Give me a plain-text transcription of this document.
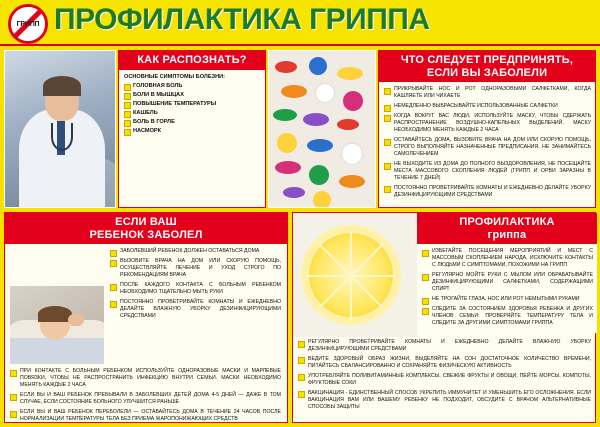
ГРИПП ПРОФИЛАКТИКА ГРИППА
КАК РАСПОЗНАТЬ?
ОСНОВНЫЕ СИМПТОМЫ БОЛЕЗНИ:
ГОЛОВНАЯ БОЛЬ
БОЛИ В МЫШЦАХ
ПОВЫШЕНИЕ ТЕМПЕРАТУРЫ
КАШЕЛЬ
БОЛЬ В ГОРЛЕ
НАСМОРК
ЧТО СЛЕДУЕТ ПРЕДПРИНЯТЬ,
ЕСЛИ ВЫ ЗАБОЛЕЛИ
ПРИКРЫВАЙТЕ НОС И РОТ ОДНОРАЗОВЫМИ САЛФЕТКАМИ, КОГДА КАШЛЯЕТЕ ИЛИ ЧИХАЕТЕ
НЕМЕДЛЕННО ВЫБРАСЫВАЙТЕ ИСПОЛЬЗОВАННЫЕ САЛФЕТКИ
КОГДА ВОКРУГ ВАС ЛЮДИ, ИСПОЛЬЗУЙТЕ МАСКУ, ЧТОБЫ СДЕРЖАТЬ РАСПРОСТРАНЕНИЕ ВОЗДУШНО-КАПЕЛЬНЫХ ВЫДЕЛЕНИЙ. МАСКУ НЕОБХОДИМО МЕНЯТЬ КАЖДЫЕ 2 ЧАСА
ОСТАВАЙТЕСЬ ДОМА, ВЫЗОВИТЕ ВРАЧА НА ДОМ ИЛИ СКОРУЮ ПОМОЩЬ, СТРОГО ВЫПОЛНЯЙТЕ НАЗНАЧЕННЫЕ ПРЕДПИСАНИЯ. НЕ ЗАНИМАЙТЕСЬ САМОЛЕЧЕНИЕМ
НЕ ВЫХОДИТЕ ИЗ ДОМА ДО ПОЛНОГО ВЫЗДОРОВЛЕНИЯ, НЕ ПОСЕЩАЙТЕ МЕСТА МАССОВОГО СКОПЛЕНИЯ ЛЮДЕЙ (ГРИПП И ОРВИ ЗАРАЗНЫ В ТЕЧЕНИЕ 7 ДНЕЙ)
ПОСТОЯННО ПРОВЕТРИВАЙТЕ КОМНАТЫ И ЕЖЕДНЕВНО ДЕЛАЙТЕ УБОРКУ ДЕЗИНФИЦИРУЮЩИМИ СРЕДСТВАМИ
ЕСЛИ ВАШ
РЕБЕНОК ЗАБОЛЕЛ
ЗАБОЛЕВШИЙ РЕБЕНОК ДОЛЖЕН ОСТАВАТЬСЯ ДОМА
ВЫЗОВИТЕ ВРАЧА НА ДОМ ИЛИ СКОРУЮ ПОМОЩЬ, ОСУЩЕСТВЛЯЙТЕ ЛЕЧЕНИЕ И УХОД СТРОГО ПО РЕКОМЕНДАЦИЯМ ВРАЧА
ПОСЛЕ КАЖДОГО КОНТАКТА С БОЛЬНЫМ РЕБЕНКОМ НЕОБХОДИМО ТЩАТЕЛЬНО МЫТЬ РУКИ
ПОСТОЯННО ПРОВЕТРИВАЙТЕ КОМНАТЫ И ЕЖЕДНЕВНО ДЕЛАЙТЕ ВЛАЖНУЮ УБОРКУ ДЕЗИНФИЦИРУЮЩИМИ СРЕДСТВАМИ
ПРИ КОНТАКТЕ С БОЛЬНЫМ РЕБЕНКОМ ИСПОЛЬЗУЙТЕ ОДНОРАЗОВЫЕ МАСКИ И МАРЛЕВЫЕ ПОВЯЗКИ, ЧТОБЫ НЕ РАСПРОСТРАНИТЬ ИНФЕКЦИЮ ВНУТРИ СЕМЬИ. МАСКИ НЕОБХОДИМО МЕНЯТЬ КАЖДЫЕ 2 ЧАСА
ЕСЛИ ВЫ И ВАШ РЕБЕНОК ПРЕБЫВАЛИ В ЗАБОЛЕВШИХ ДЕТЕЙ ДОМА 4-5 ДНЕЙ — ДАЖЕ В ТОМ СЛУЧАЕ, ЕСЛИ СОСТОЯНИЕ БОЛЬНОГО УЛУЧШИТСЯ РАНЬШЕ
ЕСЛИ ВЫ И ВАШ РЕБЕНОК ПЕРЕБОЛЕЛИ — ОСТАВАЙТЕСЬ ДОМА В ТЕЧЕНИЕ 24 ЧАСОВ ПОСЛЕ НОРМАЛИЗАЦИИ ТЕМПЕРАТУРЫ ТЕЛА БЕЗ ПРИЕМА ЖАРОПОНИЖАЮЩИХ СРЕДСТВ
ПРОФИЛАКТИКА
гриппа
ИЗБЕГАЙТЕ ПОСЕЩЕНИЯ МЕРОПРИЯТИЙ И МЕСТ С МАССОВЫМ СКОПЛЕНИЕМ НАРОДА, ИСКЛЮЧИТЕ КОНТАКТЫ С ЛЮДЬМИ С СИМПТОМАМИ, ПОХОЖИМИ НА ГРИПП
РЕГУЛЯРНО МОЙТЕ РУКИ С МЫЛОМ ИЛИ ОБРАБАТЫВАЙТЕ ДЕЗИНФИЦИРУЮЩИМИ САЛФЕТКАМИ, СОДЕРЖАЩИМИ СПИРТ
НЕ ТРОГАЙТЕ ГЛАЗА, НОС ИЛИ РОТ НЕМЫТЫМИ РУКАМИ
СЛЕДИТЕ ЗА СОСТОЯНИЕМ ЗДОРОВЬЯ РЕБЕНКА И ДРУГИХ ЧЛЕНОВ СЕМЬИ: ПРОВЕРЯЙТЕ ТЕМПЕРАТУРУ ТЕЛА И СЛЕДИТЕ ЗА ДРУГИМИ СИМПТОМАМИ ГРИППА
РЕГУЛЯРНО ПРОВЕТРИВАЙТЕ КОМНАТЫ И ЕЖЕДНЕВНО ДЕЛАЙТЕ ВЛАЖНУЮ УБОРКУ ДЕЗИНФИЦИРУЮЩИМИ СРЕДСТВАМИ
ВЕДИТЕ ЗДОРОВЫЙ ОБРАЗ ЖИЗНИ, ВЫДЕЛЯЙТЕ НА СОН ДОСТАТОЧНОЕ КОЛИЧЕСТВО ВРЕМЕНИ, ПИТАЙТЕСЬ СБАЛАНСИРОВАННО И СОХРАНЯЙТЕ ФИЗИЧЕСКУЮ АКТИВНОСТЬ
УПОТРЕБЛЯЙТЕ ПОЛИВИТАМИННЫЕ КОМПЛЕКСЫ, СВЕЖИЕ ФРУКТЫ И ОВОЩИ, ПЕЙТЕ МОРСЫ, КОМПОТЫ, ФРУКТОВЫЕ СОКИ
ВАКЦИНАЦИЯ - ЕДИНСТВЕННЫЙ СПОСОБ УКРЕПИТЬ ИММУНИТЕТ И УМЕНЬШИТЬ ЕГО ОСЛОЖНЕНИЯ. ЕСЛИ ВАКЦИНАЦИЯ ВАМ ИЛИ ВАШЕМУ РЕБЕНКУ НЕ ПОДХОДИТ, ОБСУДИТЕ С ВРАЧОМ АЛЬТЕРНАТИВНЫЕ СПОСОБЫ ЗАЩИТЫ
